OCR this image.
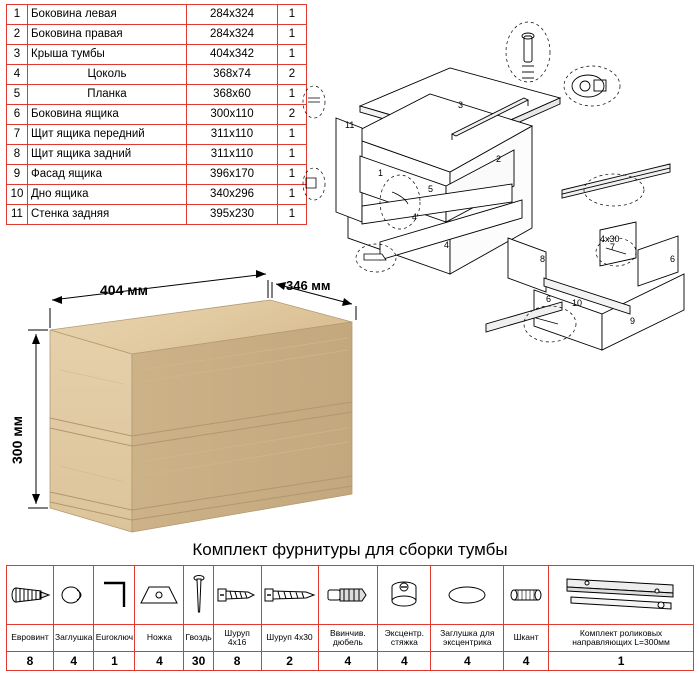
1	Боковина левая	284х324	1
2	Боковина правая	284х324	1
3	Крыша тумбы	404х342	1
4	Цоколь	368х74	2
5	Планка	368х60	1
6	Боковина ящика	300х110	2
7	Щит ящика передний	311х110	1
8	Щит ящика задний	311х110	1
9	Фасад ящика	396х170	1
10	Дно ящика	340х296	1
11	Стенка задняя	395х230	1
3
1
2
5
4
4
11
8
7
6
6 10
9
4х30
404 мм	346 мм
300 мм
Комплект фурнитуры для сборки тумбы

Евровинт	Заглушка	Euroключ	Ножка	Гвоздь	Шуруп 4х16	Шуруп 4х30	Ввинчив. дюбель	Эксцентр. стяжка	Заглушка для эксцентрика	Шкант	Комплект роликовых направляющих L=300мм
8	4	1	4	30	8	2	4	4	4	4	1
